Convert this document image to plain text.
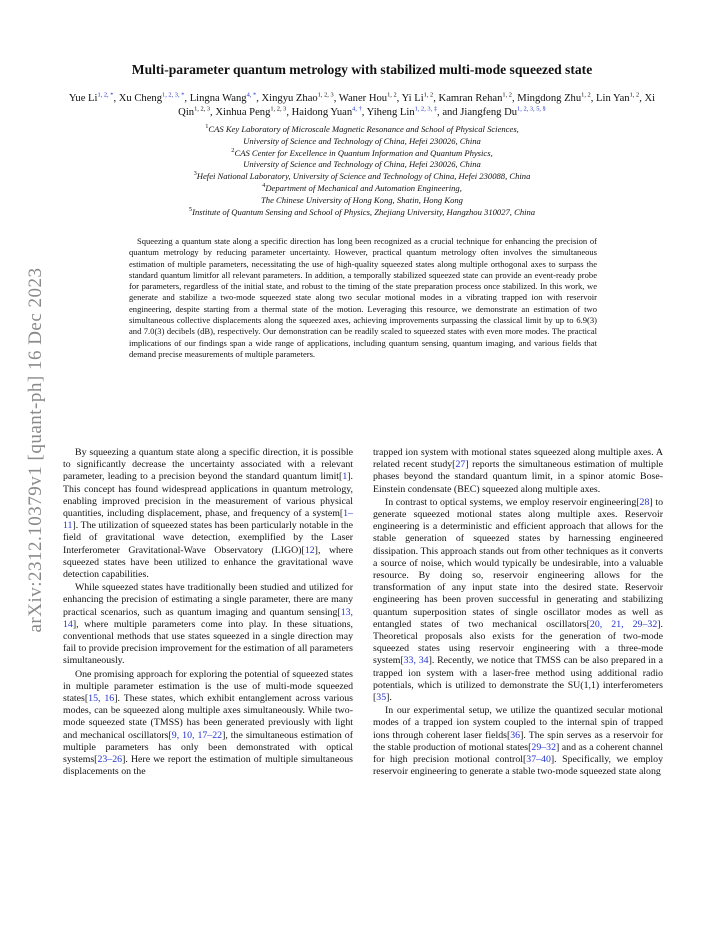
arXiv:2312.10379v1 [quant-ph] 16 Dec 2023
Multi-parameter quantum metrology with stabilized multi-mode squeezed state

Yue $Li^{1, 2, *}$, Xu Cheng$^{1, 2, 3, *}$, Lingna Wang$^{4, *}$, Xingyu Zhao$^{1, 2, 3}$, Waner Hou$^{1, 2}$, Yi Li$^{1, 2}$, Kamran Rehan$^{1, 2}$, Mingdong Zhu$^{1, 2}$, Lin Yan$^{1, 2}$, Xi Qin$^{1, 2, 3}$, Xinhua Peng$^{1, 2, 3}$, Haidong Yuan$^{4, \dagger}$, Yiheng Lin$^{1, 2, 3, \ddagger}$, and Jiangfeng $Du^{1, 2, 3, 5, \S}$

$^1$CAS Key Laboratory of Microscale Magnetic Resonance and School of Physical Sciences,

University of Science and Technology of China, Hefei 230026, China

$^2$CAS Center for Excellence in Quantum Information and Quantum Physics,

University of Science and Technology of China, Hefei 230026, China

$^3$Hefei National Laboratory, University of Science and Technology of China, Hefei 230088, China

$^4$Department of Mechanical and Automation Engineering,

The Chinese University of Hong Kong, Shatin, Hong Kong

$^5$Institute of Quantum Sensing and School of Physics, Zhejiang University, Hangzhou 310027, China

Squeezing a quantum state along a specific direction has long been recognized as a crucial technique for enhancing the precision of quantum metrology by reducing parameter uncertainty. However, practical quantum metrology often involves the simultaneous estimation of multiple parameters, necessitating the use of high-quality squeezed states along multiple orthogonal axes to surpass the standard quantum limitfor all relevant parameters. In addition, a temporally stabilized squeezed state can provide an event-ready probe for parameters, regardless of the initial state, and robust to the timing of the state preparation process once stabilized. In this work, we generate and stabilize a two-mode squeezed state along two secular motional modes in a vibrating trapped ion with reservoir engineering, despite starting from a thermal state of the motion. Leveraging this resource, we demonstrate an estimation of two simultaneous collective displacements along the squeezed axes, achieving improvements surpassing the classical limit by up to 6.9(3) and 7.0(3) decibels (dB), respectively. Our demonstration can be readily scaled to squeezed states with even more modes. The practical implications of our findings span a wide range of applications, including quantum sensing, quantum imaging, and various fields that demand precise measurements of multiple parameters.

By squeezing a quantum state along a specific direction, it is possible to significantly decrease the uncertainty associated with a relevant parameter, leading to a precision beyond the standard quantum limit[1]. This concept has found widespread applications in quantum metrology, enabling improved precision in the measurement of various physical quantities, including displacement, phase, and frequency of a system[1–11]. The utilization of squeezed states has been particularly notable in the field of gravitational wave detection, exemplified by the Laser Interferometer Gravitational-Wave Observatory (LIGO)[12], where squeezed states have been utilized to enhance the gravitational wave detection capabilities.

While squeezed states have traditionally been studied and utilized for enhancing the precision of estimating a single parameter, there are many practical scenarios, such as quantum imaging and quantum sensing[13, 14], where multiple parameters come into play. In these situations, conventional methods that use states squeezed in a single direction may fail to provide precision improvement for the estimation of all parameters simultaneously.

One promising approach for exploring the potential of squeezed states in multiple parameter estimation is the use of multi-mode squeezed states[15, 16]. These states, which exhibit entanglement across various modes, can be squeezed along multiple axes simultaneously. While two-mode squeezed state (TMSS) has been generated previously with light and mechanical oscillators[9, 10, 17–22], the simultaneous estimation of multiple parameters has only been demonstrated with optical systems[23–26]. Here we report the estimation of multiple simultaneous displacements on the

trapped ion system with motional states squeezed along multiple axes. A related recent study[27] reports the simultaneous estimation of multiple phases beyond the standard quantum limit, in a spinor atomic Bose-Einstein condensate (BEC) squeezed along multiple axes.

In contrast to optical systems, we employ reservoir engineering[28] to generate squeezed motional states along multiple axes. Reservoir engineering is a deterministic and efficient approach that allows for the stable generation of squeezed states by harnessing engineered dissipation. This approach stands out from other techniques as it converts a source of noise, which would typically be undesirable, into a valuable resource. By doing so, reservoir engineering allows for the transformation of any input state into the desired state. Reservoir engineering has been proven successful in generating and stabilizing quantum superposition states of single oscillator modes as well as entangled states of two mechanical oscillators[20, 21, 29–32]. Theoretical proposals also exists for the generation of two-mode squeezed states using reservoir engineering with a three-mode system[33, 34]. Recently, we notice that TMSS can be also prepared in a trapped ion system with a laser-free method using additional radio potentials, which is utilized to demonstrate the SU(1,1) interferometers [35].

In our experimental setup, we utilize the quantized secular motional modes of a trapped ion system coupled to the internal spin of trapped ions through coherent laser fields[36]. The spin serves as a reservoir for the stable production of motional states[29–32] and as a coherent channel for high precision motional control[37–40]. Specifically, we employ reservoir engineering to generate a stable two-mode squeezed state along
